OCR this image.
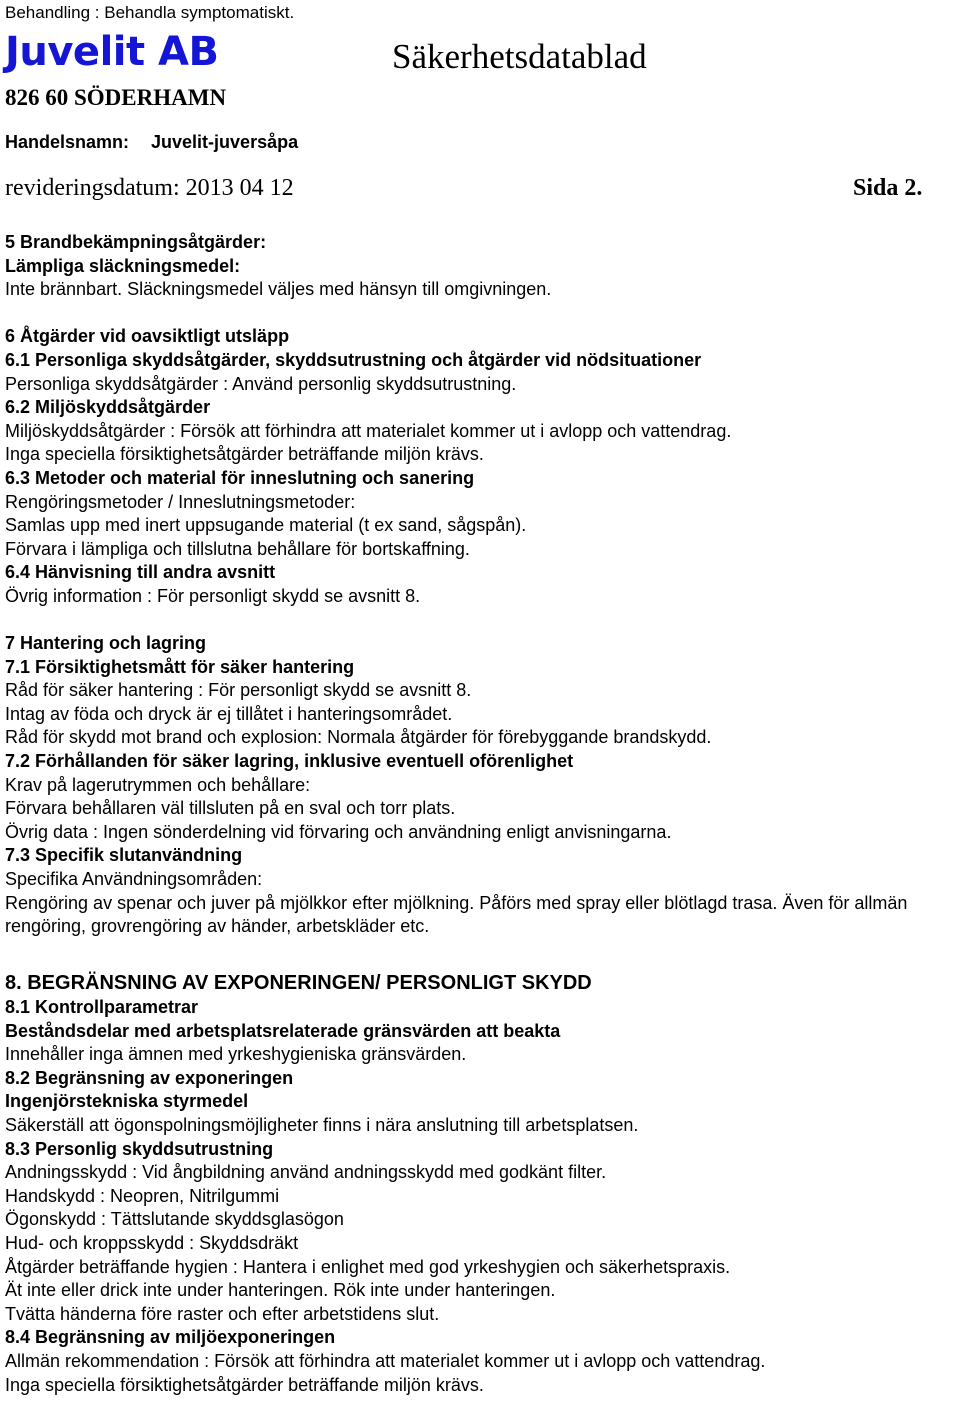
Behandling : Behandla symptomatiskt.
Juvelit AB	Säkerhetsdatablad
826 60 SÖDERHAMN
Handelsnamn: Juvelit-juversåpa
revideringsdatum: 2013 04 12	Sida 2.

5 Brandbekämpningsåtgärder:

Lämpliga släckningsmedel:

Inte brännbart. Släckningsmedel väljes med hänsyn till omgivningen.

6 Åtgärder vid oavsiktligt utsläpp

6.1 Personliga skyddsåtgärder, skyddsutrustning och åtgärder vid nödsituationer

Personliga skyddsåtgärder : Använd personlig skyddsutrustning.

6.2 Miljöskyddsåtgärder

Miljöskyddsåtgärder : Försök att förhindra att materialet kommer ut i avlopp och vattendrag.

Inga speciella försiktighetsåtgärder beträffande miljön krävs.

6.3 Metoder och material för inneslutning och sanering

Rengöringsmetoder / Inneslutningsmetoder:

Samlas upp med inert uppsugande material (t ex sand, sågspån).

Förvara i lämpliga och tillslutna behållare för bortskaffning.

6.4 Hänvisning till andra avsnitt

Övrig information : För personligt skydd se avsnitt 8.

7 Hantering och lagring

7.1 Försiktighetsmått för säker hantering

Råd för säker hantering : För personligt skydd se avsnitt 8.

Intag av föda och dryck är ej tillåtet i hanteringsområdet.

Råd för skydd mot brand och explosion: Normala åtgärder för förebyggande brandskydd.

7.2 Förhållanden för säker lagring, inklusive eventuell oförenlighet

Krav på lagerutrymmen och behållare:

Förvara behållaren väl tillsluten på en sval och torr plats.

Övrig data : Ingen sönderdelning vid förvaring och användning enligt anvisningarna.

7.3 Specifik slutanvändning

Specifika Användningsområden:

Rengöring av spenar och juver på mjölkkor efter mjölkning. Påförs med spray eller blötlagd trasa. Även för allmän rengöring, grovrengöring av händer, arbetskläder etc.

8. BEGRÄNSNING AV EXPONERINGEN/ PERSONLIGT SKYDD

8.1 Kontrollparametrar

Beståndsdelar med arbetsplatsrelaterade gränsvärden att beakta

Innehåller inga ämnen med yrkeshygieniska gränsvärden.

8.2 Begränsning av exponeringen

Ingenjörstekniska styrmedel

Säkerställ att ögonspolningsmöjligheter finns i nära anslutning till arbetsplatsen.

8.3 Personlig skyddsutrustning

Andningsskydd : Vid ångbildning använd andningsskydd med godkänt filter.

Handskydd : Neopren, Nitrilgummi

Ögonskydd : Tättslutande skyddsglasögon

Hud- och kroppsskydd : Skyddsdräkt

Åtgärder beträffande hygien : Hantera i enlighet med god yrkeshygien och säkerhetspraxis.

Ät inte eller drick inte under hanteringen. Rök inte under hanteringen.

Tvätta händerna före raster och efter arbetstidens slut.

8.4 Begränsning av miljöexponeringen

Allmän rekommendation : Försök att förhindra att materialet kommer ut i avlopp och vattendrag.

Inga speciella försiktighetsåtgärder beträffande miljön krävs.
